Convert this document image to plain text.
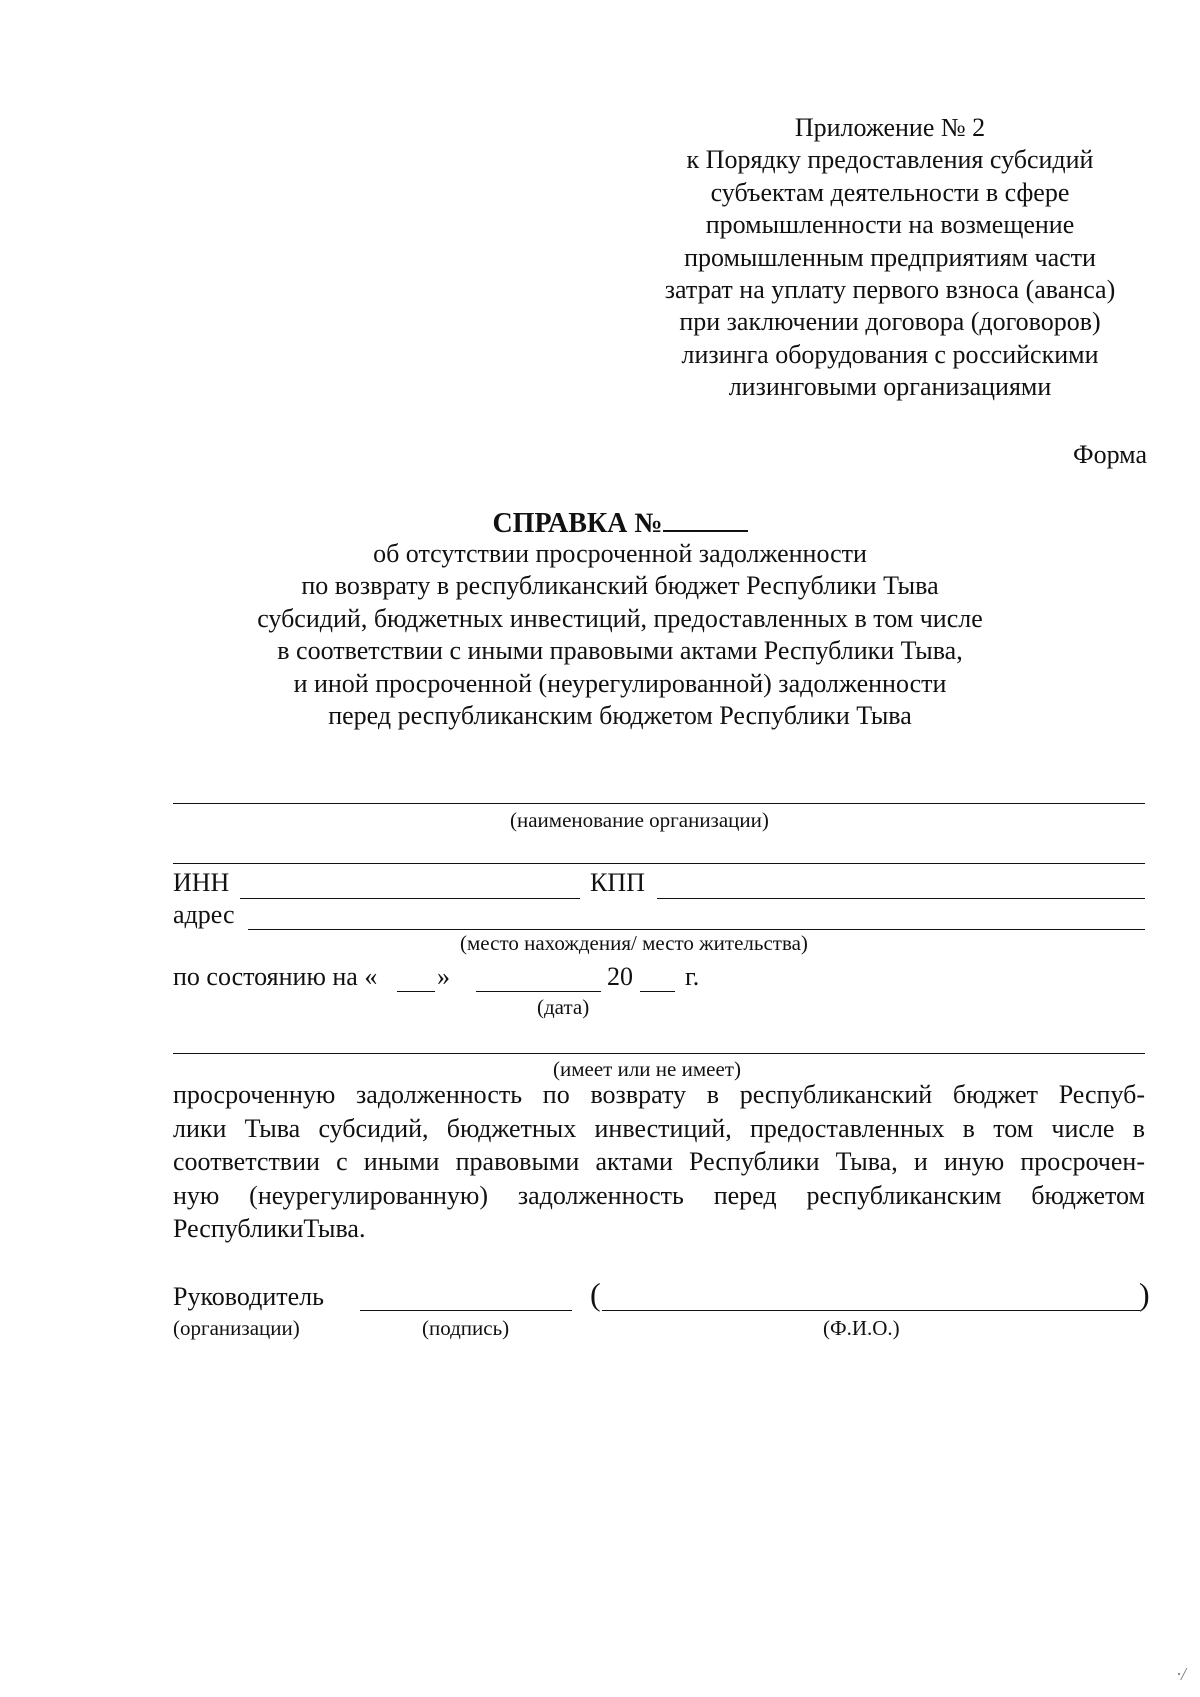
Приложение № 2
к Порядку предоставления субсидий
субъектам деятельности в сфере
промышленности на возмещение
промышленным предприятиям части
затрат на уплату первого взноса (аванса)
при заключении договора (договоров)
лизинга оборудования с российскими
лизинговыми организациями
Форма
СПРАВКА №
об отсутствии просроченной задолженности
по возврату в республиканский бюджет Республики Тыва
субсидий, бюджетных инвестиций, предоставленных в том числе
в соответствии с иными правовыми актами Республики Тыва,
и иной просроченной (неурегулированной) задолженности
перед республиканским бюджетом Республики Тыва
(наименование организации)
ИНН	КПП
адрес
(место нахождения/ место жительства)
по состоянию на « »	20 г.
(дата)
(имеет или не имеет)
просроченную задолженность по возврату в республиканский бюджет Респуб-
лики Тыва субсидий, бюджетных инвестиций, предоставленных в том числе в
соответствии с иными правовыми актами Республики Тыва, и иную просрочен-
ную (неурегулированную) задолженность перед республиканским бюджетом
РеспубликиТыва.
Руководитель	(	)
(организации)	(подпись)	(Ф.И.О.)
·/
